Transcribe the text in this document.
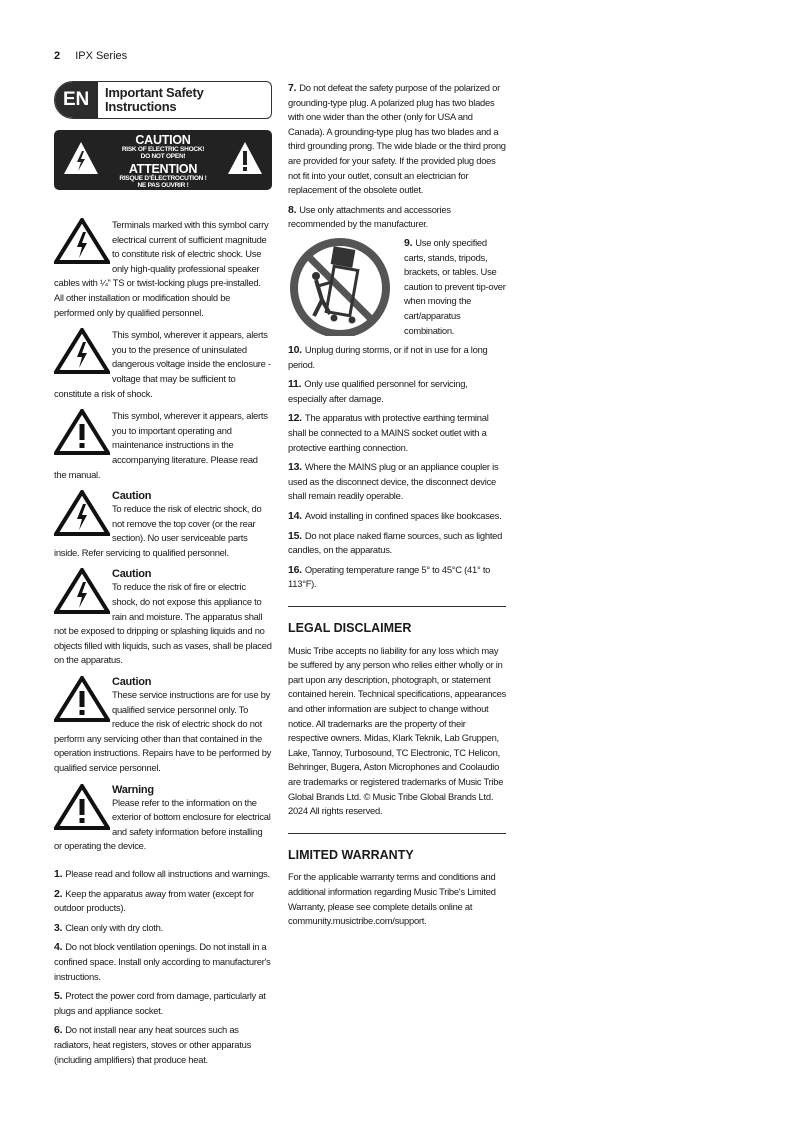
2 IPX Series
EN	Important Safety
Instructions
CAUTION
RISK OF ELECTRIC SHOCK!
DO NOT OPEN!
ATTENTION
RISQUE D’ÉLECTROCUTION !
NE PAS OUVRIR !

Terminals marked with this symbol carry electrical current of sufficient magnitude to constitute risk of electric shock. Use only high-quality professional speaker cables with ¼" TS or twist-locking plugs pre-installed. All other installation or modification should be performed only by qualified personnel.

This symbol, wherever it appears, alerts you to the presence of uninsulated dangerous voltage inside the enclosure - voltage that may be sufficient to constitute a risk of shock.

This symbol, wherever it appears, alerts you to important operating and maintenance instructions in the accompanying literature. Please read the manual.

Caution

To reduce the risk of electric shock, do not remove the top cover (or the rear section). No user serviceable parts inside. Refer servicing to qualified personnel.

Caution

To reduce the risk of fire or electric shock, do not expose this appliance to rain and moisture. The apparatus shall not be exposed to dripping or splashing liquids and no objects filled with liquids, such as vases, shall be placed on the apparatus.

Caution

These service instructions are for use by qualified service personnel only. To reduce the risk of electric shock do not perform any servicing other than that contained in the operation instructions. Repairs have to be performed by qualified service personnel.

Warning

Please refer to the information on the exterior of bottom enclosure for electrical and safety information before installing or operating the device.

1. Please read and follow all instructions and warnings.
2. Keep the apparatus away from water (except for outdoor products).
3. Clean only with dry cloth.
4. Do not block ventilation openings. Do not install in a confined space. Install only according to manufacturer's instructions.
5. Protect the power cord from damage, particularly at plugs and appliance socket.
6. Do not install near any heat sources such as radiators, heat registers, stoves or other apparatus (including amplifiers) that produce heat.
7. Do not defeat the safety purpose of the polarized or grounding-type plug. A polarized plug has two blades with one wider than the other (only for USA and Canada). A grounding-type plug has two blades and a third grounding prong. The wide blade or the third prong are provided for your safety. If the provided plug does not fit into your outlet, consult an electrician for replacement of the obsolete outlet.
8. Use only attachments and accessories recommended by the manufacturer.
9. Use only specified carts, stands, tripods, brackets, or tables. Use caution to prevent tip-over when moving the cart/apparatus combination.
10. Unplug during storms, or if not in use for a long period.
11. Only use qualified personnel for servicing, especially after damage.
12. The apparatus with protective earthing terminal shall be connected to a MAINS socket outlet with a protective earthing connection.
13. Where the MAINS plug or an appliance coupler is used as the disconnect device, the disconnect device shall remain readily operable.
14. Avoid installing in confined spaces like bookcases.
15. Do not place naked flame sources, such as lighted candles, on the apparatus.
16. Operating temperature range 5° to 45°C (41° to 113°F).
LEGAL DISCLAIMER

Music Tribe accepts no liability for any loss which may be suffered by any person who relies either wholly or in part upon any description, photograph, or statement contained herein. Technical specifications, appearances and other information are subject to change without notice. All trademarks are the property of their respective owners. Midas, Klark Teknik, Lab Gruppen, Lake, Tannoy, Turbosound, TC Electronic, TC Helicon, Behringer, Bugera, Aston Microphones and Coolaudio are trademarks or registered trademarks of Music Tribe Global Brands Ltd. © Music Tribe Global Brands Ltd. 2024 All rights reserved.

LIMITED WARRANTY

For the applicable warranty terms and conditions and additional information regarding Music Tribe's Limited Warranty, please see complete details online at community.musictribe.com/support.
